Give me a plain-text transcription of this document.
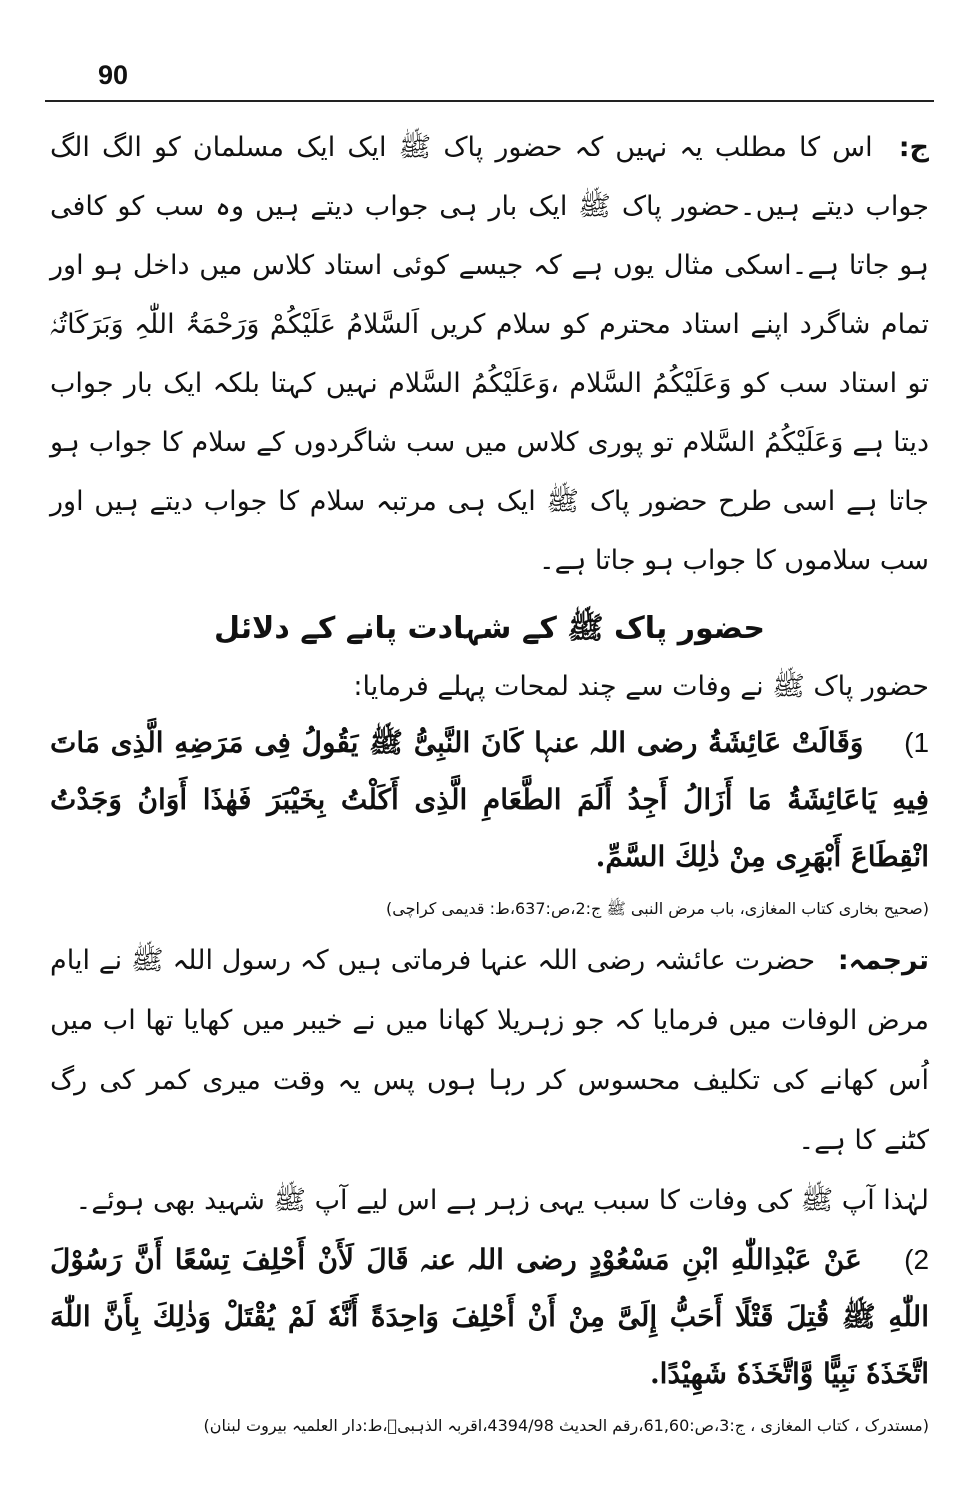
90

ج: اس کا مطلب یہ نہیں کہ حضور پاک ﷺ ایک ایک مسلمان کو الگ الگ جواب دیتے ہیں۔حضور پاک ﷺ ایک بار ہی جواب دیتے ہیں وہ سب کو کافی ہو جاتا ہے۔اسکی مثال یوں ہے کہ جیسے کوئی استاد کلاس میں داخل ہو اور تمام شاگرد اپنے استاد محترم کو سلام کریں اَلسَّلامُ عَلَیْکُمْ وَرَحْمَۃُ اللّٰہِ وَبَرَکَاتُہٗ تو استاد سب کو وَعَلَیْکُمُ السَّلام ،وَعَلَیْکُمُ السَّلام نہیں کہتا بلکہ ایک بار جواب دیتا ہے وَعَلَیْکُمُ السَّلام تو پوری کلاس میں سب شاگردوں کے سلام کا جواب ہو جاتا ہے اسی طرح حضور پاک ﷺ ایک ہی مرتبہ سلام کا جواب دیتے ہیں اور سب سلاموں کا جواب ہو جاتا ہے۔

حضور پاک ﷺ کے شہادت پانے کے دلائل

حضور پاک ﷺ نے وفات سے چند لمحات پہلے فرمایا:

1) وَقَالَتْ عَائِشَةُ رضی اللہ عنہا كَانَ النَّبِیُّ ﷺ يَقُولُ فِی مَرَضِهِ الَّذِی مَاتَ فِيهِ يَاعَائِشَةُ مَا أَزَالُ أَجِدُ أَلَمَ الطَّعَامِ الَّذِی أَكَلْتُ بِخَيْبَرَ فَهٰذَا أَوَانُ وَجَدْتُ انْقِطَاعَ أَبْهَرِی مِنْ ذٰلِكَ السَّمِّ.

(صحیح بخاری کتاب المغازی، باب مرض النبی ﷺ ج:2،ص:637،ط: قدیمی کراچی)

ترجمہ: حضرت عائشہ رضی اللہ عنہا فرماتی ہیں کہ رسول اللہ ﷺ نے ایام مرض الوفات میں فرمایا کہ جو زہریلا کھانا میں نے خیبر میں کھایا تھا اب میں اُس کھانے کی تکلیف محسوس کر رہا ہوں پس یہ وقت میری کمر کی رگ کٹنے کا ہے۔

لہٰذا آپ ﷺ کی وفات کا سبب یہی زہر ہے اس لیے آپ ﷺ شہید بھی ہوئے۔

2) عَنْ عَبْدِاللّٰهِ ابْنِ مَسْعُوْدٍ رضی اللہ عنہ قَالَ لَأَنْ أَحْلِفَ تِسْعًا أَنَّ رَسُوْلَ اللّٰهِ ﷺ قُتِلَ قَتْلًا أَحَبُّ إِلَیَّ مِنْ أَنْ أَحْلِفَ وَاحِدَةً أَنَّهٗ لَمْ يُقْتَلْ وَذٰلِكَ بِأَنَّ اللّٰهَ اتَّخَذَهٗ نَبِيًّا وَّاتَّخَذَهٗ شَهِيْدًا.

(مستدرک ، کتاب المغازی ، ج:3،ص:61,60،رقم الحدیث 4394/98،اقربہ الذہبیؒ،ط:دار العلمیہ بیروت لبنان)
